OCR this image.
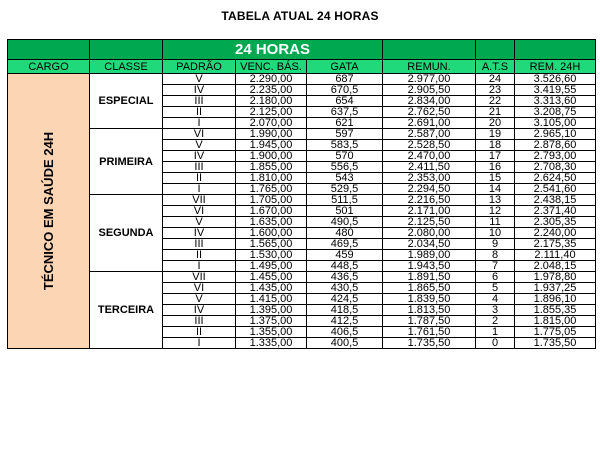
TABELA ATUAL 24 HORAS
		24 HORAS					
CARGO	CLASSE	PADRÃO	VENC. BÁS.	GATA	REMUN.	A.T.S	REM. 24H

TÉCNICO EM SAÚDE 24H	ESPECIAL	V	2.290,00	687	2.977,00	24	3.526,60
		IV	2.235,00	670,5	2.905,50	23	3.419,55
		III	2.180,00	654	2.834,00	22	3.313,60
		II	2.125,00	637,5	2.762,50	21	3.208,75
		I	2.070,00	621	2.691,00	20	3.105,00
	PRIMEIRA	VI	1.990,00	597	2.587,00	19	2.965,10
		V	1.945,00	583,5	2.528,50	18	2.878,60
		IV	1.900,00	570	2.470,00	17	2.793,00
		III	1.855,00	556,5	2.411,50	16	2.708,30
		II	1.810,00	543	2.353,00	15	2.624,50
		I	1.765,00	529,5	2.294,50	14	2.541,60
	SEGUNDA	VII	1.705,00	511,5	2.216,50	13	2.438,15
		VI	1.670,00	501	2.171,00	12	2.371,40
		V	1.635,00	490,5	2.125,50	11	2.305,35
		IV	1.600,00	480	2.080,00	10	2.240,00
		III	1.565,00	469,5	2.034,50	9	2.175,35
		II	1.530,00	459	1.989,00	8	2.111,40
		I	1.495,00	448,5	1.943,50	7	2.048,15
	TERCEIRA	VII	1.455,00	436,5	1.891,50	6	1.978,80
		VI	1.435,00	430,5	1.865,50	5	1.937,25
		V	1.415,00	424,5	1.839,50	4	1.896,10
		IV	1.395,00	418,5	1.813,50	3	1.855,35
		III	1.375,00	412,5	1.787,50	2	1.815,00
		II	1.355,00	406,5	1.761,50	1	1.775,05
		I	1.335,00	400,5	1.735,50	0	1.735,50
